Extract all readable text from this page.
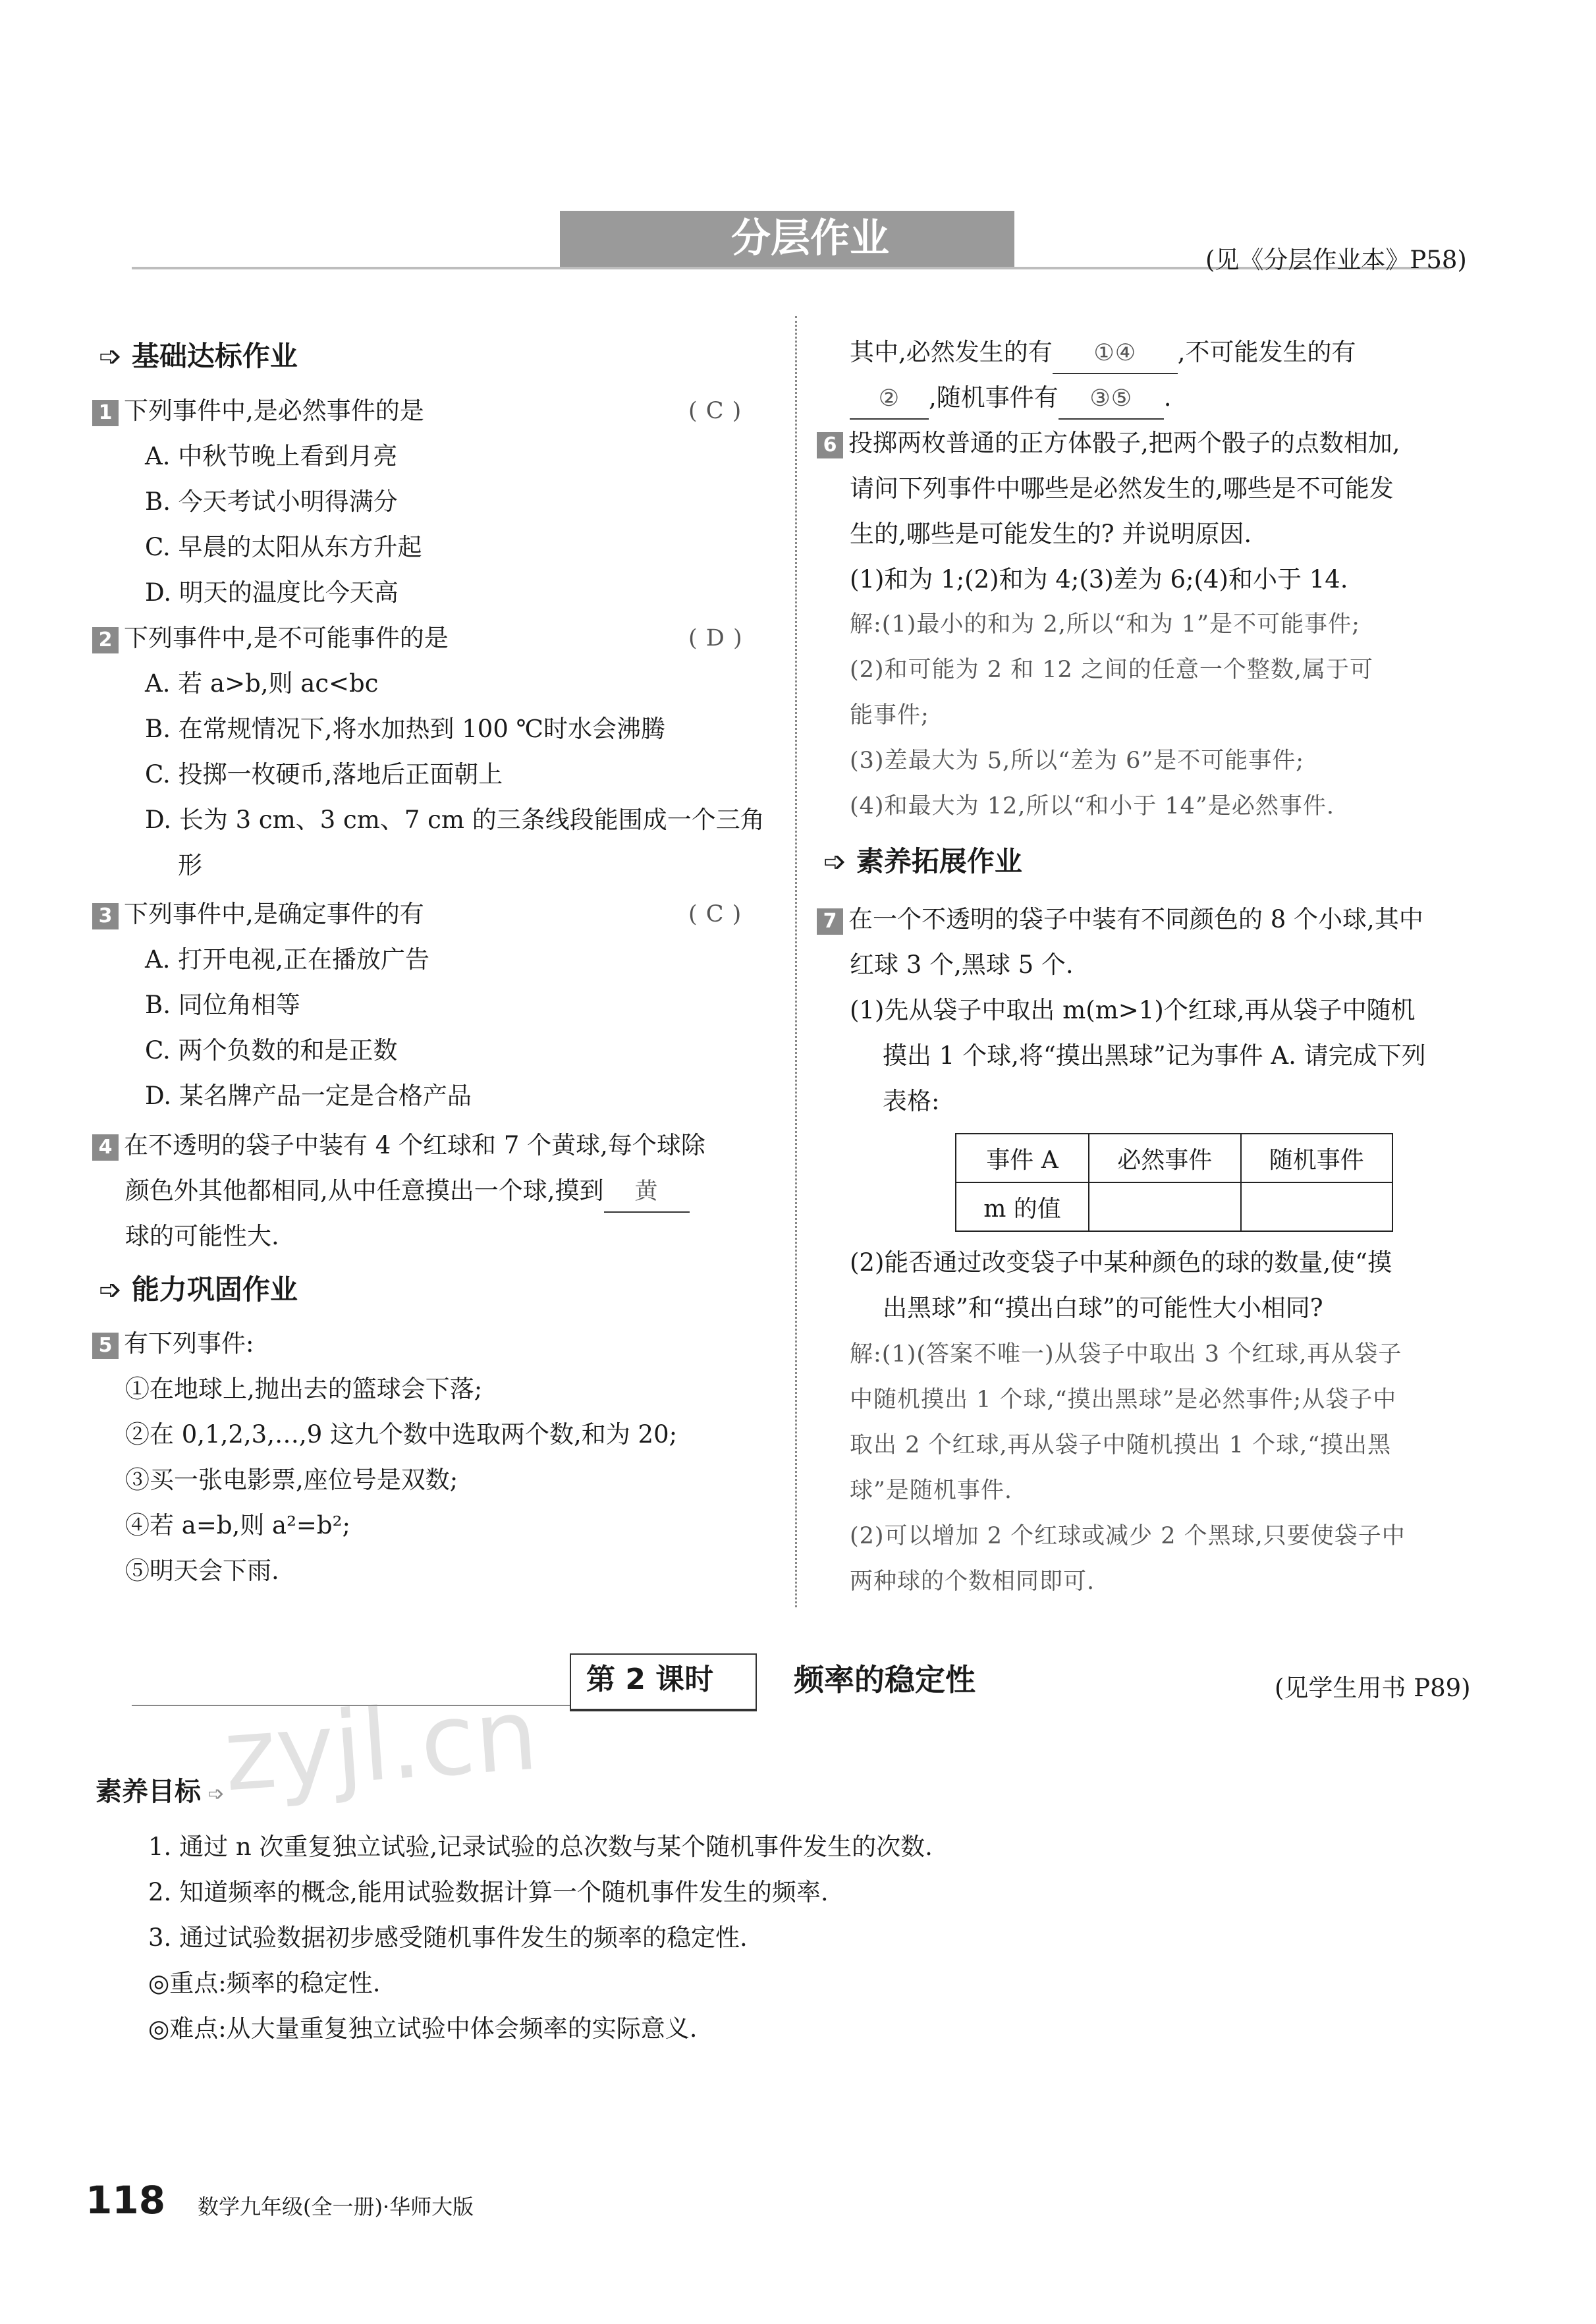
分层作业	(见《分层作业本》P58)
➩ 基础达标作业
1 下列事件中,是必然事件的是	( C )
A. 中秋节晚上看到月亮
B. 今天考试小明得满分
C. 早晨的太阳从东方升起
D. 明天的温度比今天高
2 下列事件中,是不可能事件的是	( D )
A. 若 a>b,则 ac<bc
B. 在常规情况下,将水加热到 100 ℃时水会沸腾
C. 投掷一枚硬币,落地后正面朝上
D. 长为 3 cm、3 cm、7 cm 的三条线段能围成一个三角
形
3 下列事件中,是确定事件的有	( C )
A. 打开电视,正在播放广告
B. 同位角相等
C. 两个负数的和是正数
D. 某名牌产品一定是合格产品
4 在不透明的袋子中装有 4 个红球和 7 个黄球,每个球除
颜色外其他都相同,从中任意摸出一个球,摸到 黄
球的可能性大.
➩ 能力巩固作业
5 有下列事件:
①在地球上,抛出去的篮球会下落;
②在 0,1,2,3,…,9 这九个数中选取两个数,和为 20;
③买一张电影票,座位号是双数;
④若 a=b,则 a²=b²;
⑤明天会下雨.
其中,必然发生的有 ①④ ,不可能发生的有
② ,随机事件有 ③⑤ .
6 投掷两枚普通的正方体骰子,把两个骰子的点数相加,
请问下列事件中哪些是必然发生的,哪些是不可能发
生的,哪些是可能发生的? 并说明原因.
(1)和为 1;(2)和为 4;(3)差为 6;(4)和小于 14.
解:(1)最小的和为 2,所以“和为 1”是不可能事件;
(2)和可能为 2 和 12 之间的任意一个整数,属于可
能事件;
(3)差最大为 5,所以“差为 6”是不可能事件;
(4)和最大为 12,所以“和小于 14”是必然事件.
➩ 素养拓展作业
7 在一个不透明的袋子中装有不同颜色的 8 个小球,其中
红球 3 个,黑球 5 个.
(1)先从袋子中取出 m(m>1)个红球,再从袋子中随机
摸出 1 个球,将“摸出黑球”记为事件 A. 请完成下列
表格:
事件 A	必然事件	随机事件
m 的值		
(2)能否通过改变袋子中某种颜色的球的数量,使“摸
出黑球”和“摸出白球”的可能性大小相同?
解:(1)(答案不唯一)从袋子中取出 3 个红球,再从袋子
中随机摸出 1 个球,“摸出黑球”是必然事件;从袋子中
取出 2 个红球,再从袋子中随机摸出 1 个球,“摸出黑
球”是随机事件.
(2)可以增加 2 个红球或减少 2 个黑球,只要使袋子中
两种球的个数相同即可.
第 2 课时	频率的稳定性	(见学生用书 P89)
zyjl.cn
素养目标 ➩
1. 通过 n 次重复独立试验,记录试验的总次数与某个随机事件发生的次数.
2. 知道频率的概念,能用试验数据计算一个随机事件发生的频率.
3. 通过试验数据初步感受随机事件发生的频率的稳定性.
◎重点:频率的稳定性.
◎难点:从大量重复独立试验中体会频率的实际意义.
118 数学九年级(全一册)·华师大版
